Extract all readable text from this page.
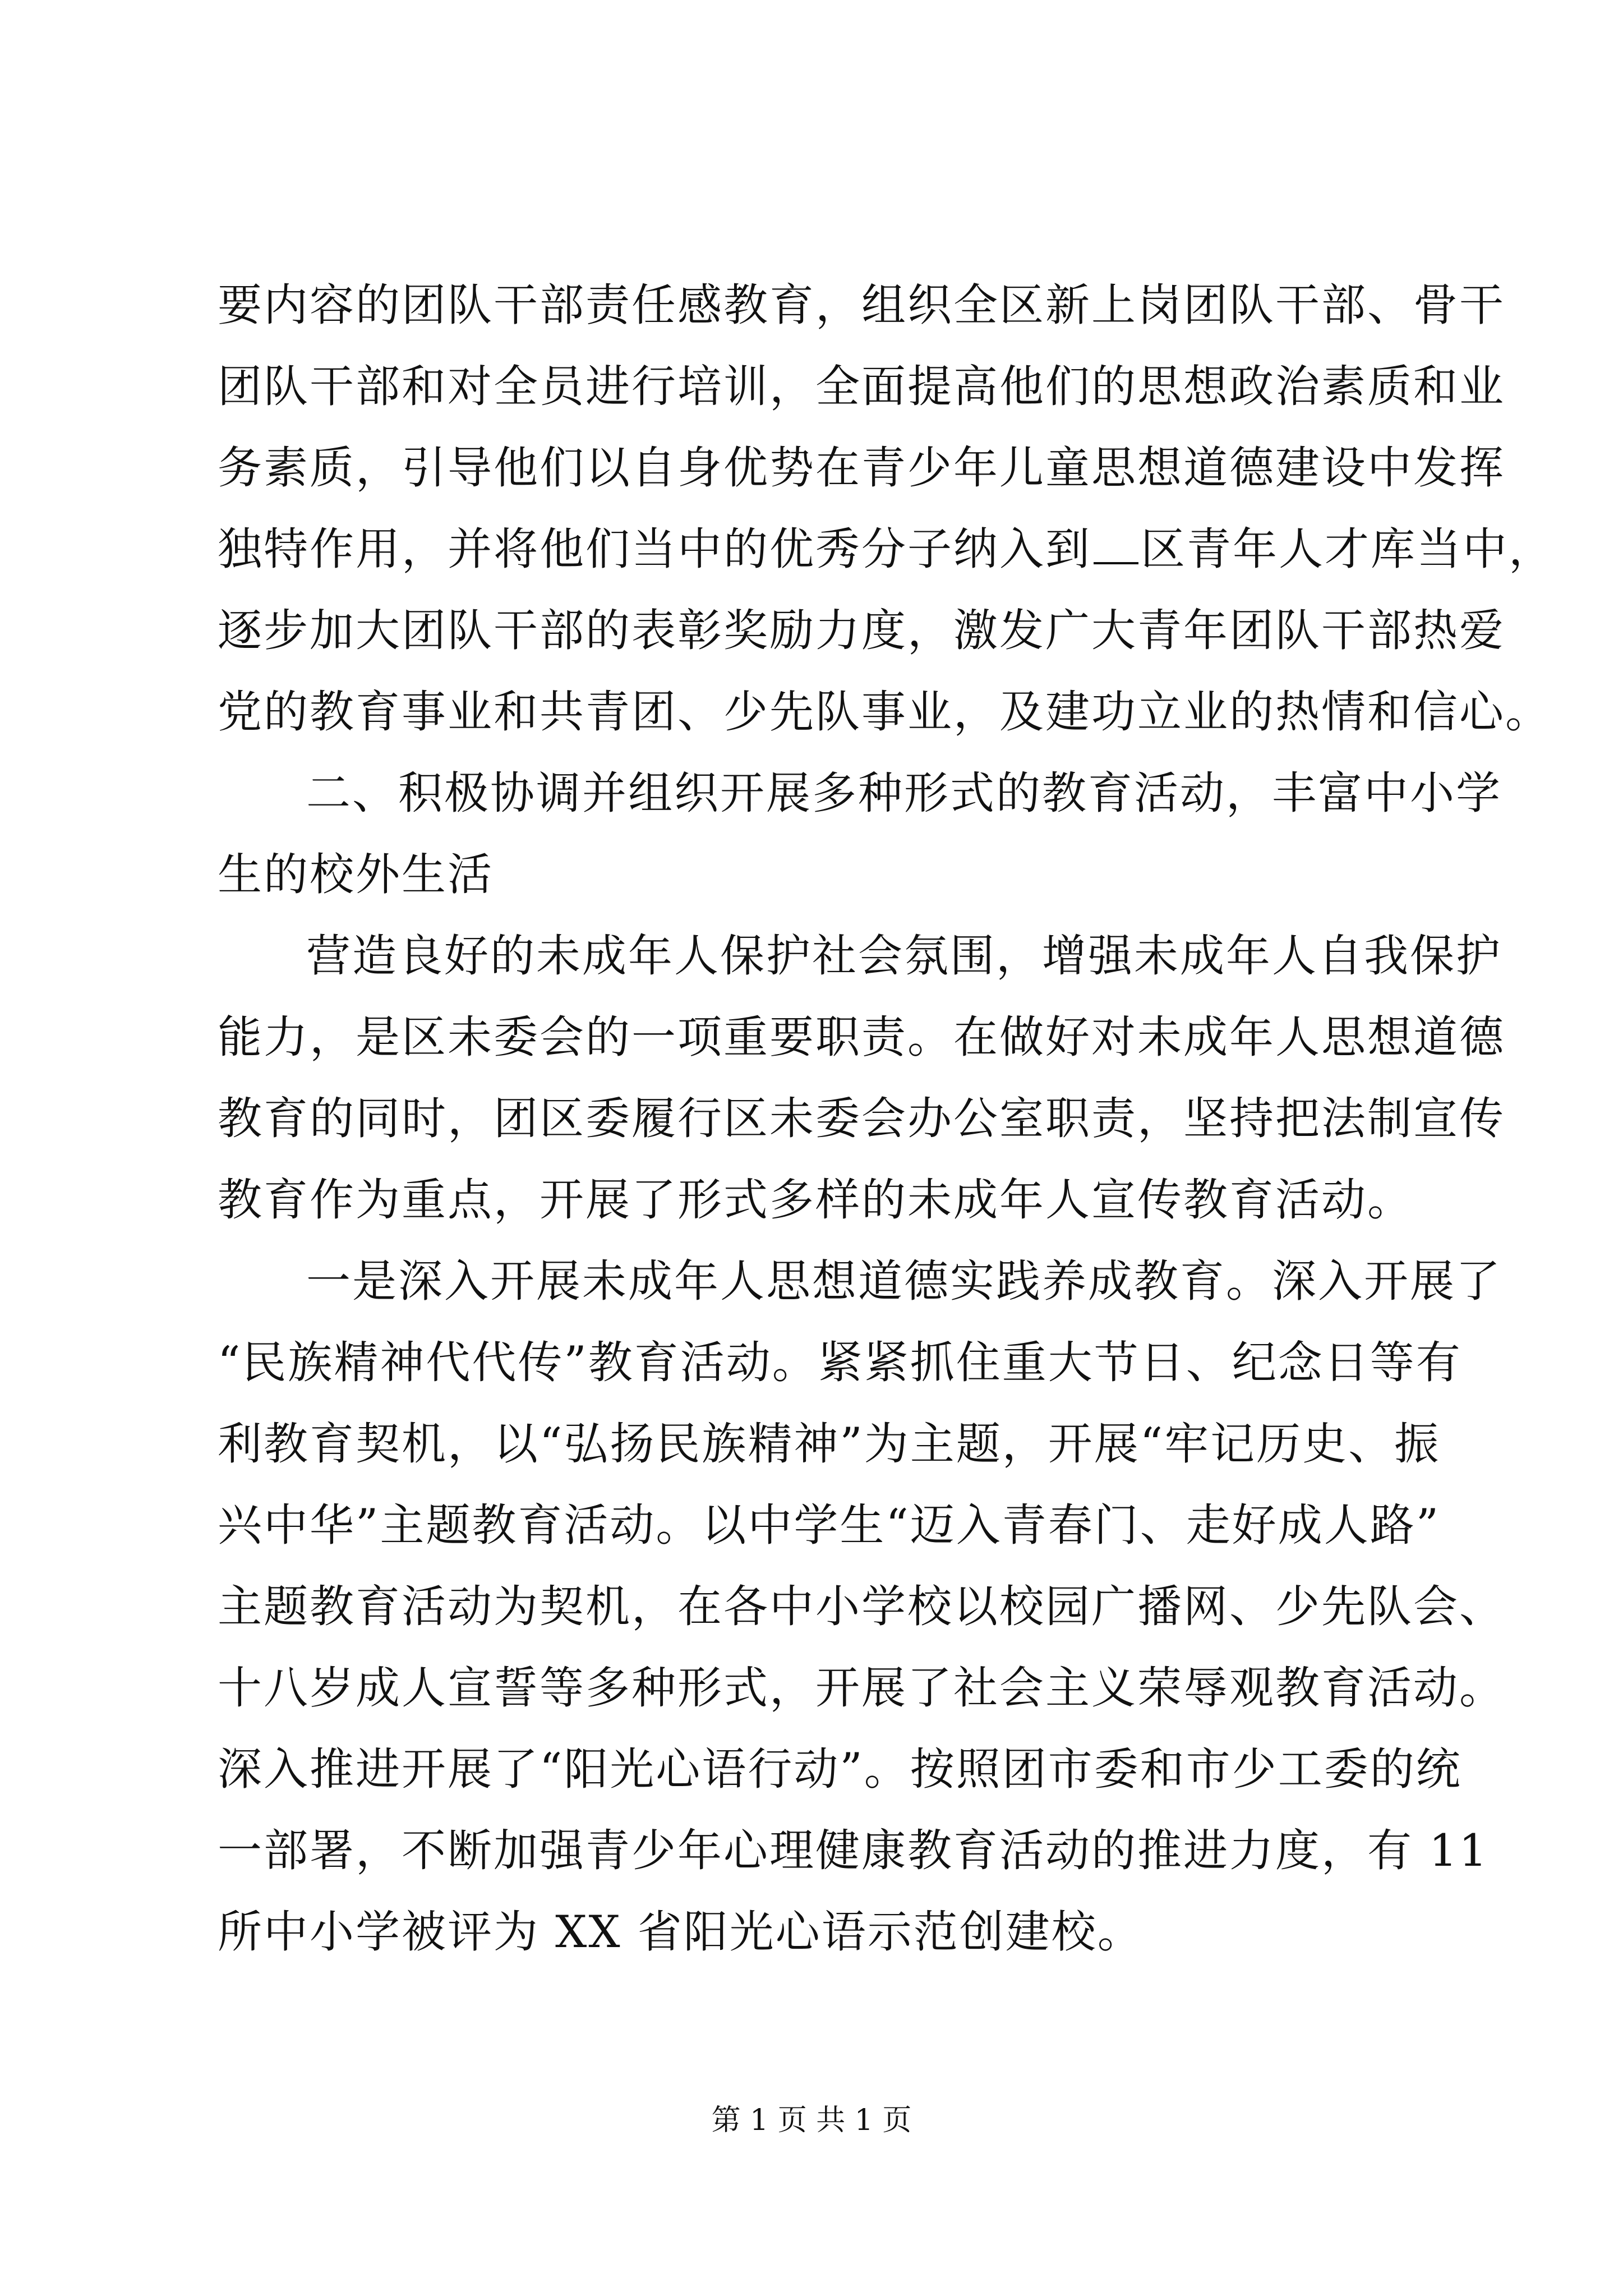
要内容的团队干部责任感教育，组织全区新上岗团队干部、骨干
团队干部和对全员进行培训，全面提高他们的思想政治素质和业
务素质，引导他们以自身优势在青少年儿童思想道德建设中发挥
独特作用，并将他们当中的优秀分子纳入到 区青年人才库当中，
逐步加大团队干部的表彰奖励力度，激发广大青年团队干部热爱
党的教育事业和共青团、少先队事业，及建功立业的热情和信心。
二、积极协调并组织开展多种形式的教育活动，丰富中小学
生的校外生活
营造良好的未成年人保护社会氛围，增强未成年人自我保护
能力，是区未委会的一项重要职责。在做好对未成年人思想道德
教育的同时，团区委履行区未委会办公室职责，坚持把法制宣传
教育作为重点，开展了形式多样的未成年人宣传教育活动。
一是深入开展未成年人思想道德实践养成教育。深入开展了
“民族精神代代传”教育活动。紧紧抓住重大节日、纪念日等有
利教育契机，以“弘扬民族精神”为主题，开展“牢记历史、振
兴中华”主题教育活动。以中学生“迈入青春门、走好成人路”
主题教育活动为契机，在各中小学校以校园广播网、少先队会、
十八岁成人宣誓等多种形式，开展了社会主义荣辱观教育活动。
深入推进开展了“阳光心语行动”。按照团市委和市少工委的统
一部署，不断加强青少年心理健康教育活动的推进力度，有 11
所中小学被评为 XX 省阳光心语示范创建校。
第 1 页 共 1 页
